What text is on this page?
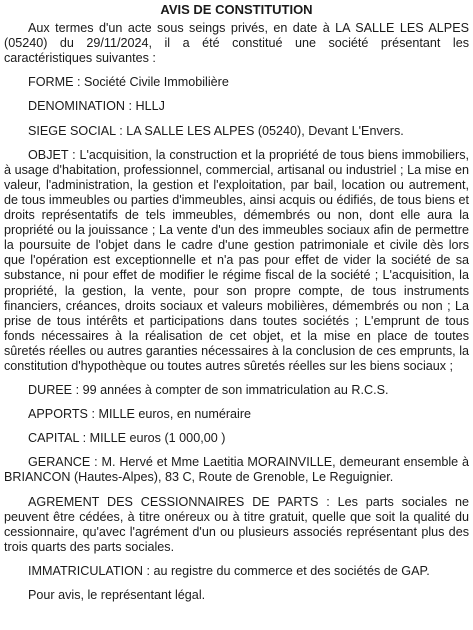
AVIS DE CONSTITUTION

Aux termes d'un acte sous seings privés, en date à LA SALLE LES ALPES (05240) du 29/11/2024, il a été constitué une société présentant les caractéristiques suivantes :

FORME : Société Civile Immobilière

DENOMINATION : HLLJ

SIEGE SOCIAL : LA SALLE LES ALPES (05240), Devant L'Envers.

OBJET : L'acquisition, la construction et la propriété de tous biens immobiliers, à usage d'habitation, professionnel, commercial, artisanal ou industriel ; La mise en valeur, l'administration, la gestion et l'exploitation, par bail, location ou autrement, de tous immeubles ou parties d'immeubles, ainsi acquis ou édifiés, de tous biens et droits représentatifs de tels immeubles, démembrés ou non, dont elle aura la propriété ou la jouissance ; La vente d'un des immeubles sociaux afin de permettre la poursuite de l'objet dans le cadre d'une gestion patrimoniale et civile dès lors que l'opération est exceptionnelle et n'a pas pour effet de vider la société de sa substance, ni pour effet de modifier le régime fiscal de la société ; L'acquisition, la propriété, la gestion, la vente, pour son propre compte, de tous instruments financiers, créances, droits sociaux et valeurs mobilières, démembrés ou non ; La prise de tous intérêts et participations dans toutes sociétés ; L'emprunt de tous fonds nécessaires à la réalisation de cet objet, et la mise en place de toutes sûretés réelles ou autres garanties nécessaires à la conclusion de ces emprunts, la constitution d'hypothèque ou toutes autres sûretés réelles sur les biens sociaux ;

DUREE : 99 années à compter de son immatriculation au R.C.S.

APPORTS : MILLE euros, en numéraire

CAPITAL : MILLE euros (1 000,00 )

GERANCE : M. Hervé et Mme Laetitia MORAINVILLE, demeurant ensemble à BRIANCON (Hautes-Alpes), 83 C, Route de Grenoble, Le Reguignier.

AGREMENT DES CESSIONNAIRES DE PARTS : Les parts sociales ne peuvent être cédées, à titre onéreux ou à titre gratuit, quelle que soit la qualité du cessionnaire, qu'avec l'agrément d'un ou plusieurs associés représentant plus des trois quarts des parts sociales.

IMMATRICULATION : au registre du commerce et des sociétés de GAP.

Pour avis, le représentant légal.
